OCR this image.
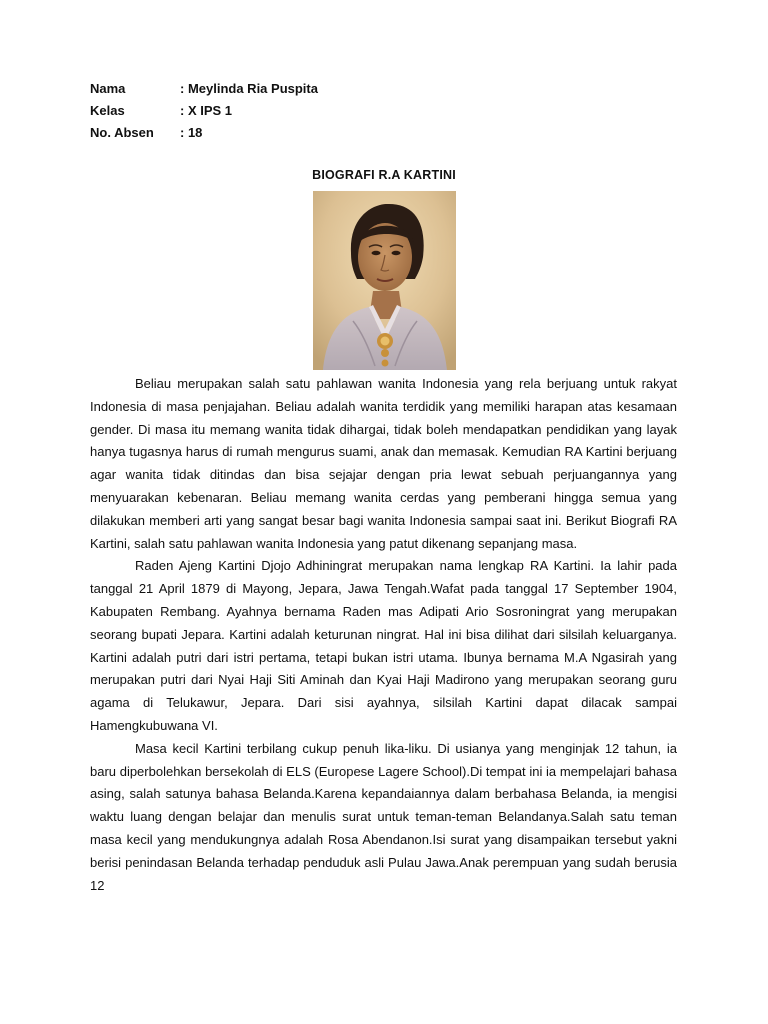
Nama	: Meylinda Ria Puspita
Kelas	: X IPS 1
No. Absen	: 18
BIOGRAFI R.A KARTINI

Beliau merupakan salah satu pahlawan wanita Indonesia yang rela berjuang untuk rakyat Indonesia di masa penjajahan. Beliau adalah wanita terdidik yang memiliki harapan atas kesamaan gender. Di masa itu memang wanita tidak dihargai, tidak boleh mendapatkan pendidikan yang layak hanya tugasnya harus di rumah mengurus suami, anak dan memasak. Kemudian RA Kartini berjuang agar wanita tidak ditindas dan bisa sejajar dengan pria lewat sebuah perjuangannya yang menyuarakan kebenaran. Beliau memang wanita cerdas yang pemberani hingga semua yang dilakukan memberi arti yang sangat besar bagi wanita Indonesia sampai saat ini. Berikut Biografi RA Kartini, salah satu pahlawan wanita Indonesia yang patut dikenang sepanjang masa.

Raden Ajeng Kartini Djojo Adhiningrat merupakan nama lengkap RA Kartini. Ia lahir pada tanggal 21 April 1879 di Mayong, Jepara, Jawa Tengah.Wafat pada tanggal 17 September 1904, Kabupaten Rembang. Ayahnya bernama Raden mas Adipati Ario Sosroningrat yang merupakan seorang bupati Jepara. Kartini adalah keturunan ningrat. Hal ini bisa dilihat dari silsilah keluarganya. Kartini adalah putri dari istri pertama, tetapi bukan istri utama. Ibunya bernama M.A Ngasirah yang merupakan putri dari Nyai Haji Siti Aminah dan Kyai Haji Madirono yang merupakan seorang guru agama di Telukawur, Jepara. Dari sisi ayahnya, silsilah Kartini dapat dilacak sampai Hamengkubuwana VI.

Masa kecil Kartini terbilang cukup penuh lika-liku. Di usianya yang menginjak 12 tahun, ia baru diperbolehkan bersekolah di ELS (Europese Lagere School).Di tempat ini ia mempelajari bahasa asing, salah satunya bahasa Belanda.Karena kepandaiannya dalam berbahasa Belanda, ia mengisi waktu luang dengan belajar dan menulis surat untuk teman-teman Belandanya.Salah satu teman masa kecil yang mendukungnya adalah Rosa Abendanon.Isi surat yang disampaikan tersebut yakni berisi penindasan Belanda terhadap penduduk asli Pulau Jawa.Anak perempuan yang sudah berusia 12
